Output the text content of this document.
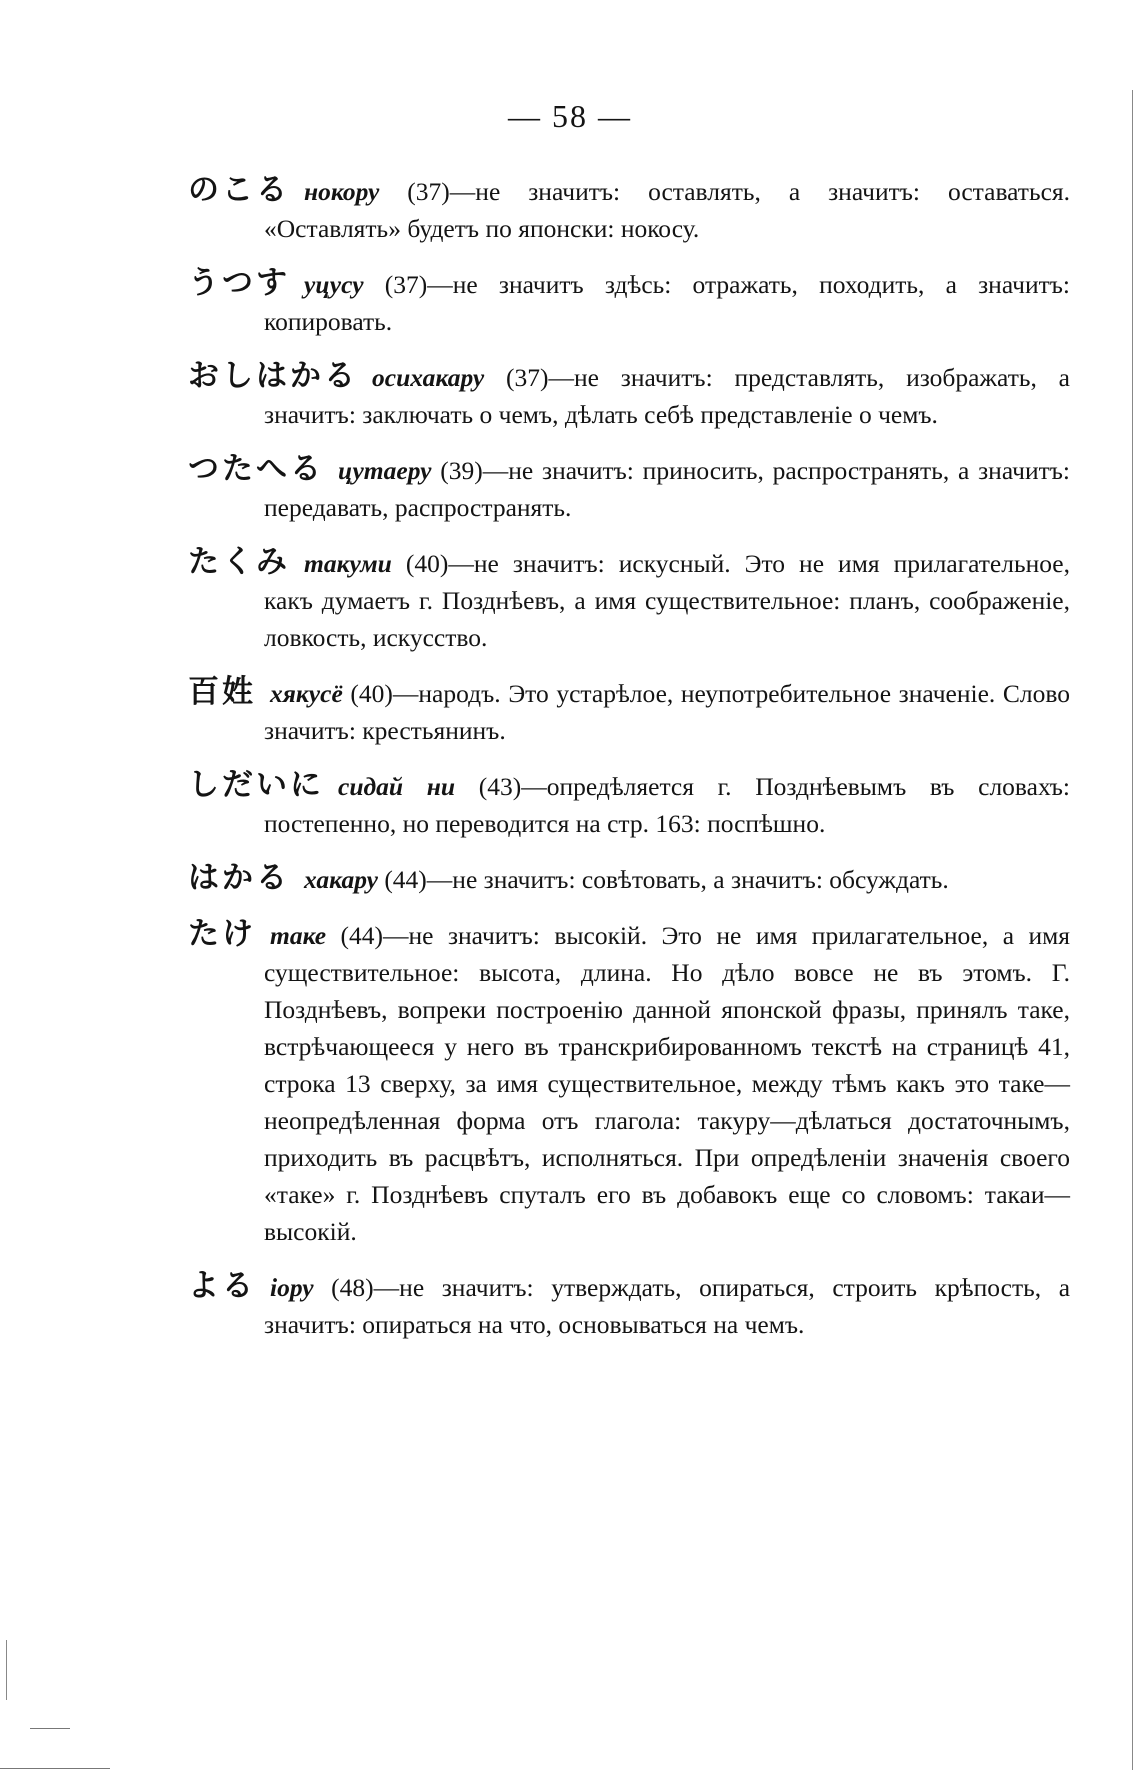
— 58 —
のこる нокору (37)—не значитъ: оставлять, а значитъ: оставаться. «Оставлять» будетъ по японски: нокосу.
うつす уцусу (37)—не значитъ здѣсь: отражать, походить, а значитъ: копировать.
おしはかる осихакару (37)—не значитъ: представлять, изображать, а значитъ: заключать о чемъ, дѣлать себѣ представленіе о чемъ.
つたへる цутаеру (39)—не значитъ: приносить, распространять, а значитъ: передавать, распространять.
たくみ такуми (40)—не значитъ: искусный. Это не имя прилагательное, какъ думаетъ г. Позднѣевъ, а имя существительное: планъ, соображеніе, ловкость, искусство.
百姓 хякусё (40)—народъ. Это устарѣлое, неупотребительное значеніе. Слово значитъ: крестьянинъ.
しだいに сидай ни (43)—опредѣляется г. Позднѣевымъ въ словахъ: постепенно, но переводится на стр. 163: поспѣшно.
はかる хакару (44)—не значитъ: совѣтовать, а значитъ: обсуждать.
たけ таке (44)—не значитъ: высокій. Это не имя прилагательное, а имя существительное: высота, длина. Но дѣло вовсе не въ этомъ. Г. Позднѣевъ, вопреки построенію данной японской фразы, принялъ таке, встрѣчающееся у него въ транскрибированномъ текстѣ на страницѣ 41, строка 13 сверху, за имя существительное, между тѣмъ какъ это таке—неопредѣленная форма отъ глагола: такуру—дѣлаться достаточнымъ, приходить въ расцвѣтъ, исполняться. При опредѣленіи значенія своего «таке» г. Позднѣевъ спуталъ его въ добавокъ еще со словомъ: такаи—высокій.
よる іору (48)—не значитъ: утверждать, опираться, строить крѣпость, а значитъ: опираться на что, основываться на чемъ.
